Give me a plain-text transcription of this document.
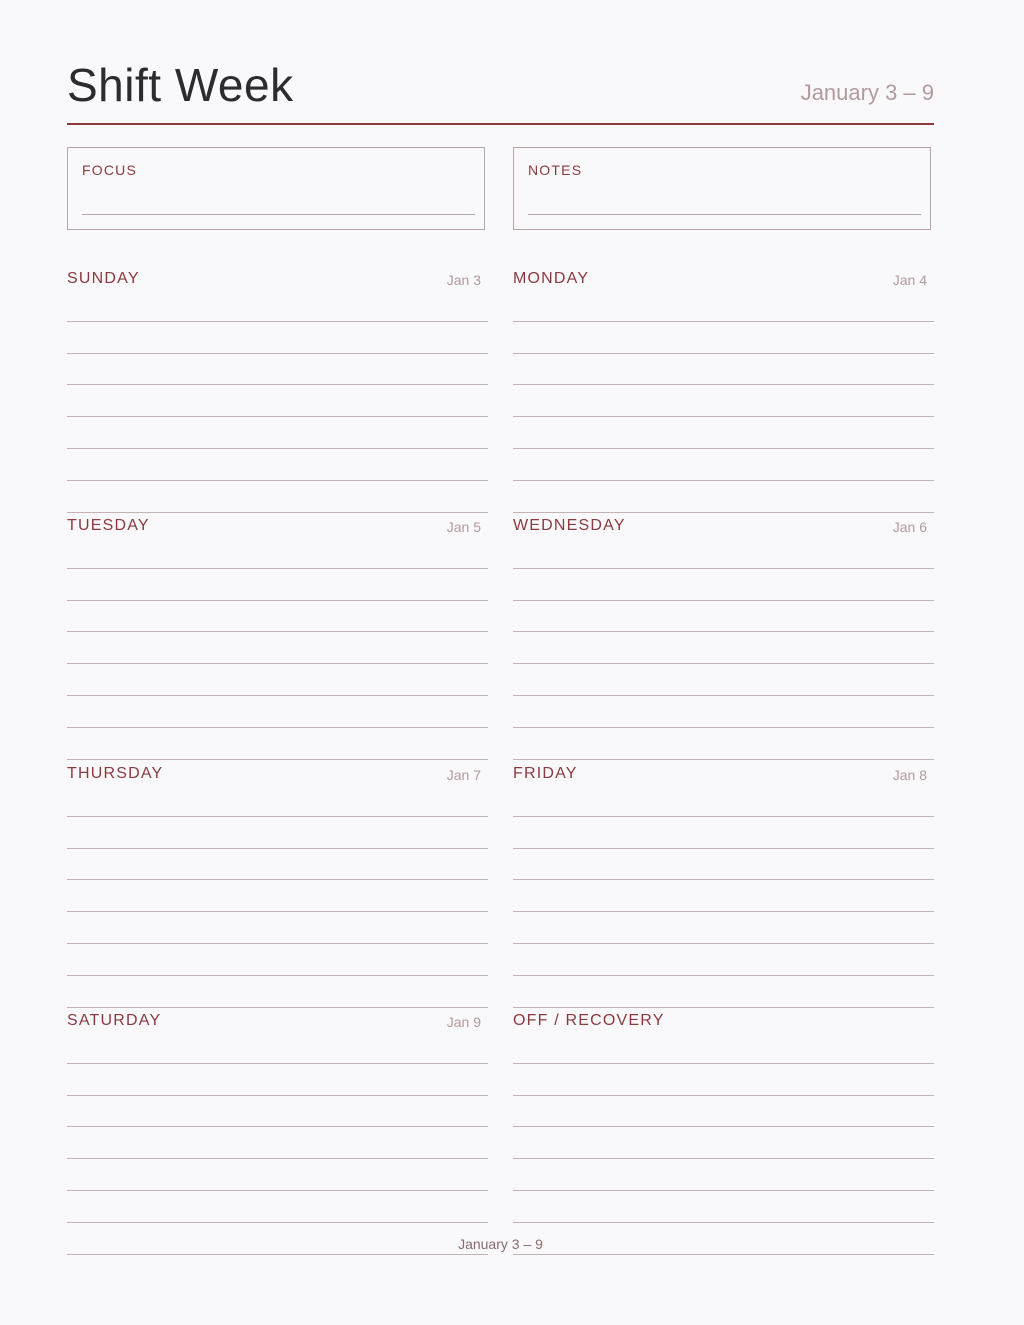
Shift Week	January 3 – 9
FOCUS	NOTES
SUNDAY	Jan 3 MONDAY	Jan 4
TUESDAY	Jan 5 WEDNESDAY	Jan 6
THURSDAY	Jan 7 FRIDAY	Jan 8
SATURDAY	Jan 9 OFF / RECOVERY
January 3 – 9
